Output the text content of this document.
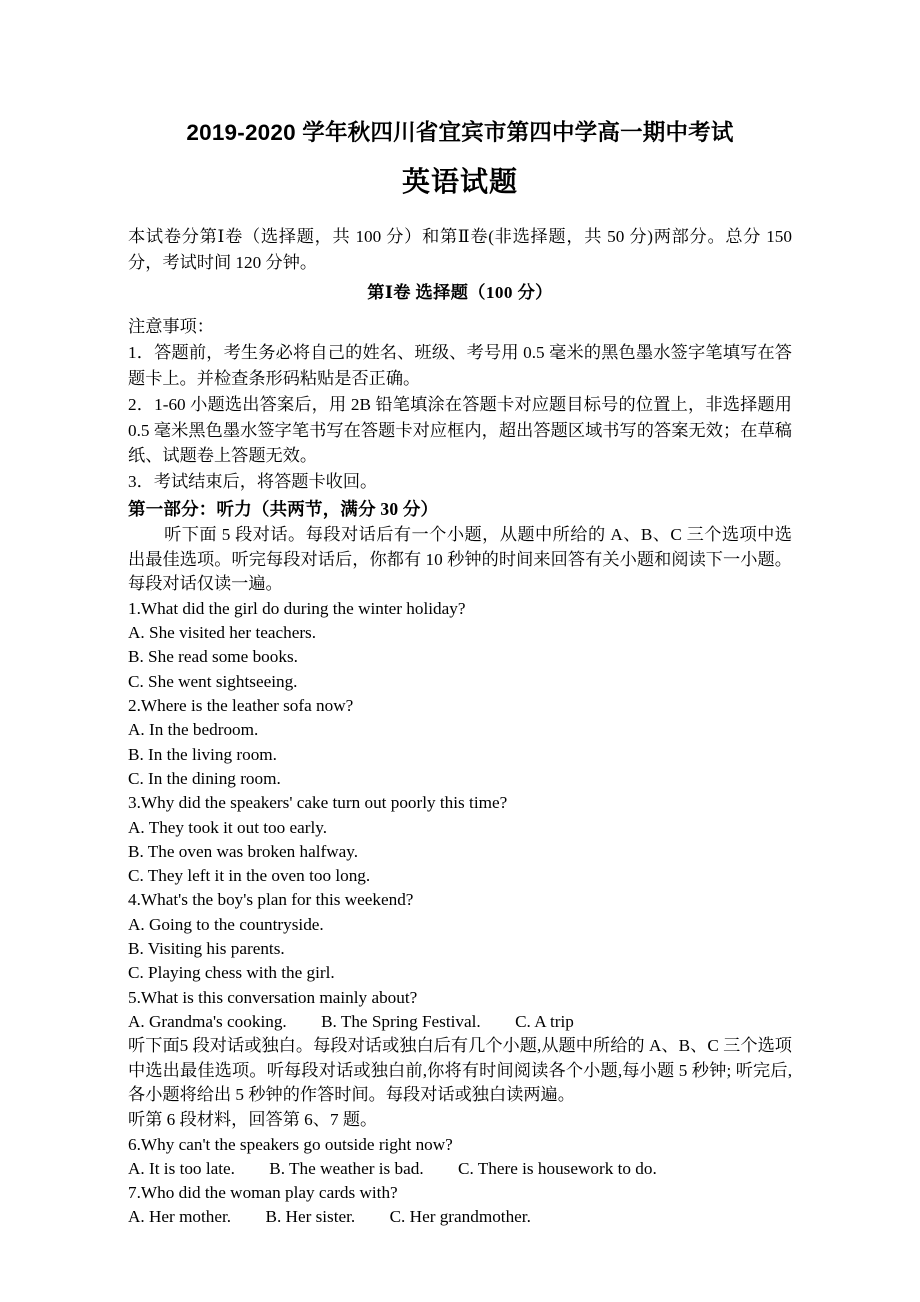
2019-2020 学年秋四川省宜宾市第四中学高一期中考试
英语试题

本试卷分第Ⅰ卷（选择题，共 100 分）和第Ⅱ卷(非选择题，共 50 分)两部分。总分 150 分，考试时间 120 分钟。

第Ⅰ卷 选择题（100 分）

注意事项：

1．答题前，考生务必将自己的姓名、班级、考号用 0.5 毫米的黑色墨水签字笔填写在答题卡上。并检查条形码粘贴是否正确。

2．1-60 小题选出答案后，用 2B 铅笔填涂在答题卡对应题目标号的位置上，非选择题用 0.5 毫米黑色墨水签字笔书写在答题卡对应框内，超出答题区域书写的答案无效；在草稿纸、试题卷上答题无效。

3．考试结束后，将答题卡收回。

第一部分：听力（共两节，满分 30 分）

听下面 5 段对话。每段对话后有一个小题，从题中所给的 A、B、C 三个选项中选出最佳选项。听完每段对话后，你都有 10 秒钟的时间来回答有关小题和阅读下一小题。每段对话仅读一遍。

1.What did the girl do during the winter holiday?

A. She visited her teachers.

B. She read some books.

C. She went sightseeing.

2.Where is the leather sofa now?

A. In the bedroom.

B. In the living room.

C. In the dining room.

3.Why did the speakers' cake turn out poorly this time?

A. They took it out too early.

B. The oven was broken halfway.

C. They left it in the oven too long.

4.What's the boy's plan for this weekend?

A. Going to the countryside.

B. Visiting his parents.

C. Playing chess with the girl.

5.What is this conversation mainly about?

A. Grandma's cooking.        B. The Spring Festival.        C. A trip

听下面5 段对话或独白。每段对话或独白后有几个小题,从题中所给的 A、B、C 三个选项中选出最佳选项。听每段对话或独白前,你将有时间阅读各个小题,每小题 5 秒钟; 听完后,各小题将给出 5 秒钟的作答时间。每段对话或独白读两遍。

听第 6 段材料，回答第 6、7 题。

6.Why can't the speakers go outside right now?

A. It is too late.        B. The weather is bad.        C. There is housework to do.

7.Who did the woman play cards with?

A. Her mother.        B. Her sister.        C. Her grandmother.
